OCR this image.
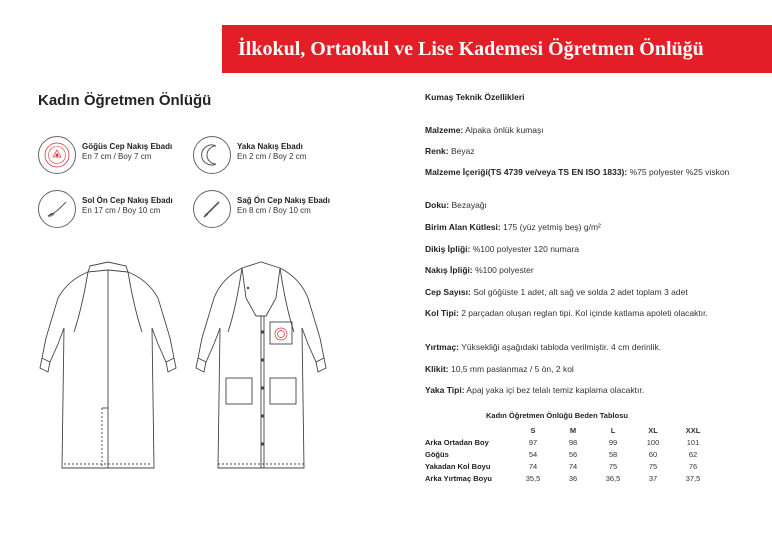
İlkokul, Ortaokul ve Lise Kademesi Öğretmen Önlüğü
Kadın Öğretmen Önlüğü
Göğüs Cep Nakış Ebadı
En 7 cm / Boy 7 cm
Yaka Nakış Ebadı
En 2 cm / Boy 2 cm
Sol Ön Cep Nakış Ebadı
En 17 cm / Boy 10 cm
Sağ Ön Cep Nakış Ebadı
En 8 cm / Boy 10 cm
Kumaş Teknik Özellikleri
Malzeme: Alpaka önlük kumaşı
Renk: Beyaz
Malzeme İçeriği(TS 4739 ve/veya TS EN ISO 1833): %75 polyester %25 viskon
Doku: Bezayağı
Birim Alan Kütlesi: 175 (yüz yetmiş beş) g/m²
Dikiş İpliği: %100 polyester 120 numara
Nakış İpliği: %100 polyester
Cep Sayısı: Sol göğüste 1 adet, alt sağ ve solda 2 adet toplam 3 adet
Kol Tipi: 2 parçadan oluşan reglan tipi. Kol içinde katlama apoleti olacaktır.
Yırtmaç: Yüksekliği aşağıdaki tabloda verilmiştir. 4 cm derinlik.
Klikit: 10,5 mm paslanmaz / 5 ön, 2 kol
Yaka Tipi: Apaj yaka içi bez telalı temiz kaplama olacaktır.
Kadın Öğretmen Önlüğü Beden Tablosu
	S	M	L	XL	XXL
Arka Ortadan Boy	97	98	99	100	101
Göğüs	54	56	58	60	62
Yakadan Kol Boyu	74	74	75	75	76
Arka Yırtmaç Boyu	35,5	36	36,5	37	37,5
